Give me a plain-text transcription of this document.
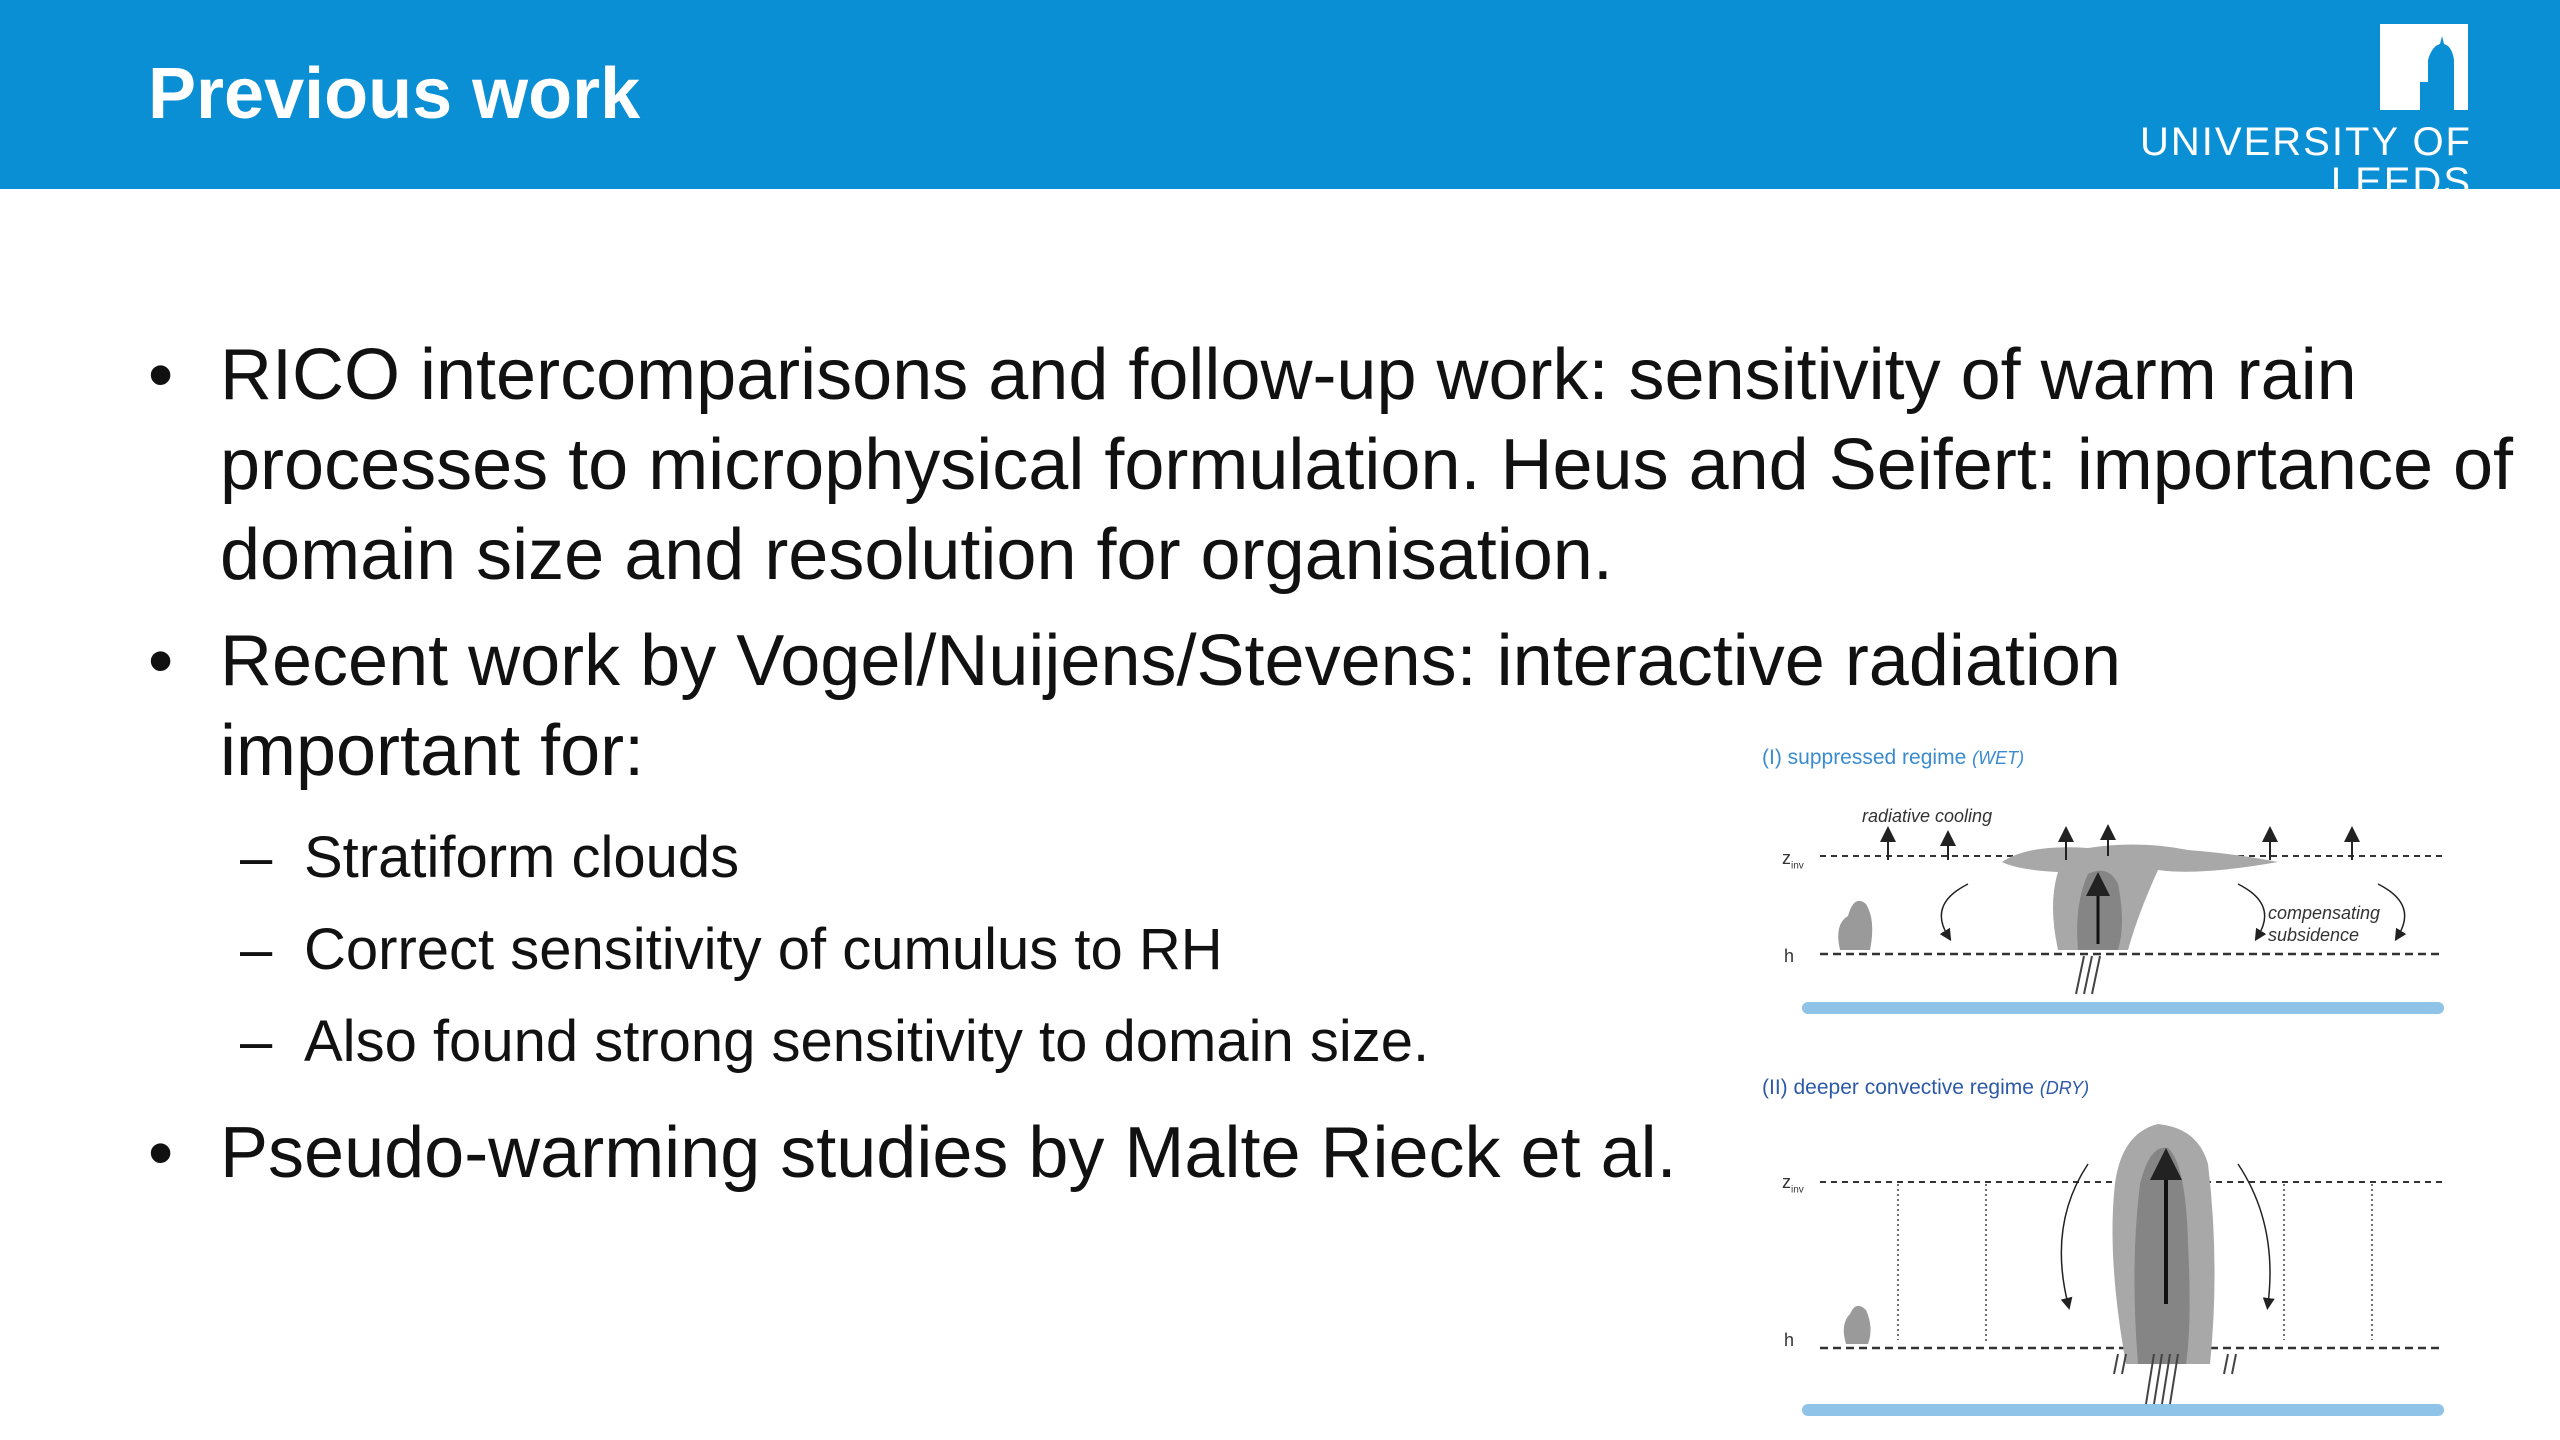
Previous work
UNIVERSITY OF LEEDS
• RICO intercomparisons and follow-up work: sensitivity of warm rain processes to microphysical formulation. Heus and Seifert: importance of domain size and resolution for organisation.
• Recent work by Vogel/Nuijens/Stevens: interactive radiation important for:
– Stratiform clouds
– Correct sensitivity of cumulus to RH
– Also found strong sensitivity to domain size.
• Pseudo-warming studies by Malte Rieck et al.
(I) suppressed regime (WET)
radiative cooling
compensating subsidence
$z_{inv}$
h
(II) deeper convective regime (DRY)
$z_{inv}$
h
